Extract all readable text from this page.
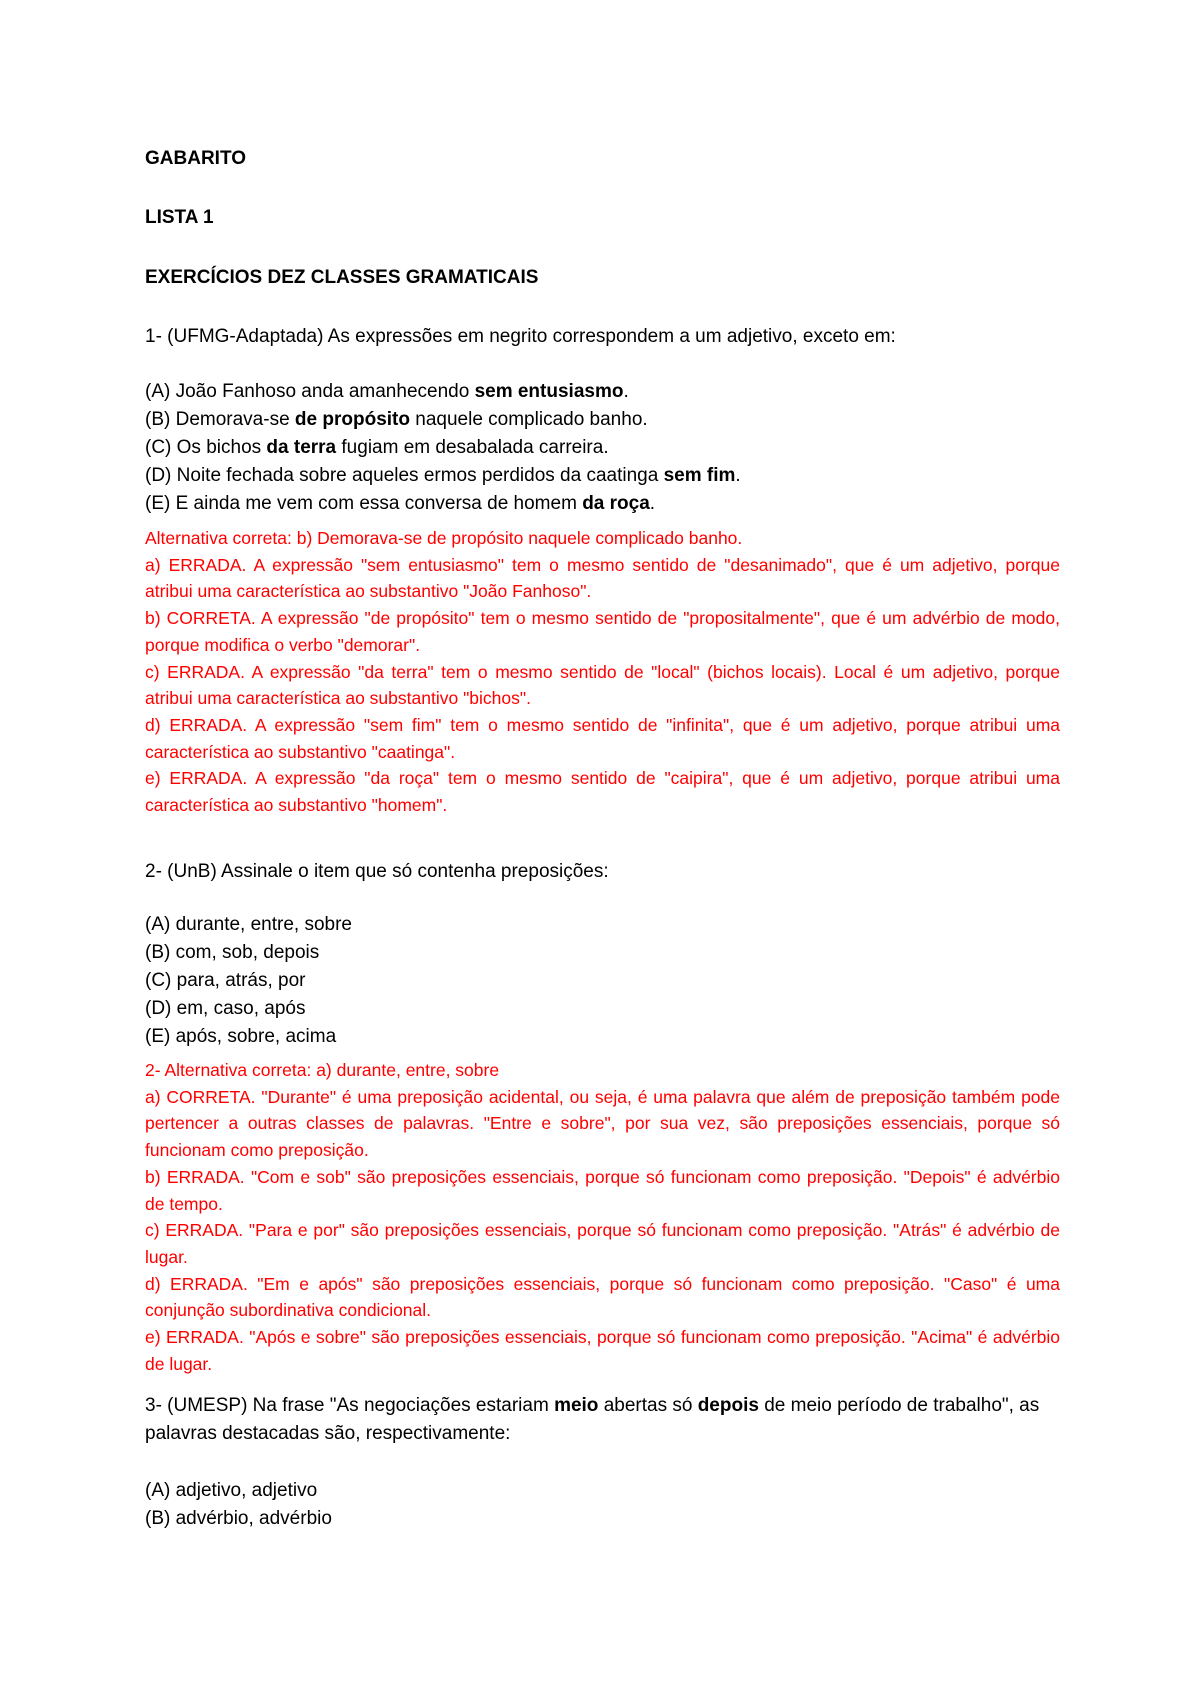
GABARITO
LISTA 1
EXERCÍCIOS DEZ CLASSES GRAMATICAIS

1- (UFMG-Adaptada) As expressões em negrito correspondem a um adjetivo, exceto em:

(A) João Fanhoso anda amanhecendo sem entusiasmo.

(B) Demorava-se de propósito naquele complicado banho.

(C) Os bichos da terra fugiam em desabalada carreira.

(D) Noite fechada sobre aqueles ermos perdidos da caatinga sem fim.

(E) E ainda me vem com essa conversa de homem da roça.

Alternativa correta: b) Demorava-se de propósito naquele complicado banho.

a) ERRADA. A expressão "sem entusiasmo" tem o mesmo sentido de "desanimado", que é um adjetivo, porque atribui uma característica ao substantivo "João Fanhoso".

b) CORRETA. A expressão "de propósito" tem o mesmo sentido de "propositalmente", que é um advérbio de modo, porque modifica o verbo "demorar".

c) ERRADA. A expressão "da terra" tem o mesmo sentido de "local" (bichos locais). Local é um adjetivo, porque atribui uma característica ao substantivo "bichos".

d) ERRADA. A expressão "sem fim" tem o mesmo sentido de "infinita", que é um adjetivo, porque atribui uma característica ao substantivo "caatinga".

e) ERRADA. A expressão "da roça" tem o mesmo sentido de "caipira", que é um adjetivo, porque atribui uma característica ao substantivo "homem".

2- (UnB) Assinale o item que só contenha preposições:

(A) durante, entre, sobre

(B) com, sob, depois

(C) para, atrás, por

(D) em, caso, após

(E) após, sobre, acima

2- Alternativa correta: a) durante, entre, sobre

a) CORRETA. "Durante" é uma preposição acidental, ou seja, é uma palavra que além de preposição também pode pertencer a outras classes de palavras. "Entre e sobre", por sua vez, são preposições essenciais, porque só funcionam como preposição.

b) ERRADA. "Com e sob" são preposições essenciais, porque só funcionam como preposição. "Depois" é advérbio de tempo.

c) ERRADA. "Para e por" são preposições essenciais, porque só funcionam como preposição. "Atrás" é advérbio de lugar.

d) ERRADA. "Em e após" são preposições essenciais, porque só funcionam como preposição. "Caso" é uma conjunção subordinativa condicional.

e) ERRADA. "Após e sobre" são preposições essenciais, porque só funcionam como preposição. "Acima" é advérbio de lugar.

3- (UMESP) Na frase "As negociações estariam meio abertas só depois de meio período de trabalho", as palavras destacadas são, respectivamente:

(A) adjetivo, adjetivo

(B) advérbio, advérbio
